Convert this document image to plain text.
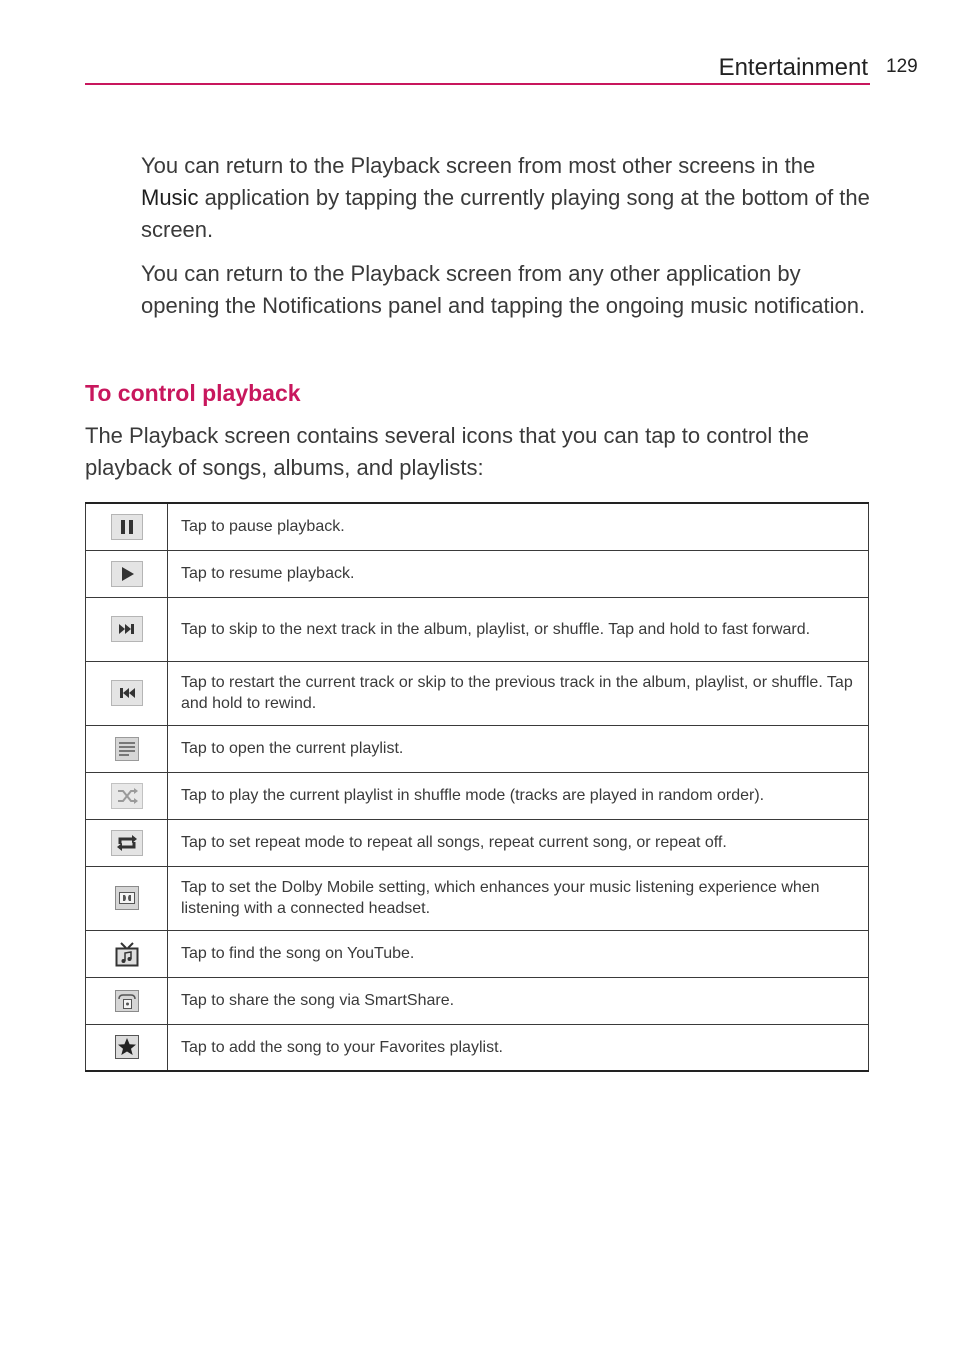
Entertainment 129

You can return to the Playback screen from most other screens in the Music application by tapping the currently playing song at the bottom of the screen.

You can return to the Playback screen from any other application by opening the Notifications panel and tapping the ongoing music notification.

To control playback

The Playback screen contains several icons that you can tap to control the playback of songs, albums, and playlists:

	Tap to pause playback.

	Tap to resume playback.

	Tap to skip to the next track in the album, playlist, or shuffle. Tap and hold to fast forward.

	Tap to restart the current track or skip to the previous track in the album, playlist, or shuffle. Tap and hold to rewind.

	Tap to open the current playlist.

	Tap to play the current playlist in shuffle mode (tracks are played in random order).

	Tap to set repeat mode to repeat all songs, repeat current song, or repeat off.

	Tap to set the Dolby Mobile setting, which enhances your music listening experience when listening with a connected headset.

	Tap to find the song on YouTube.

	Tap to share the song via SmartShare.

	Tap to add the song to your Favorites playlist.
